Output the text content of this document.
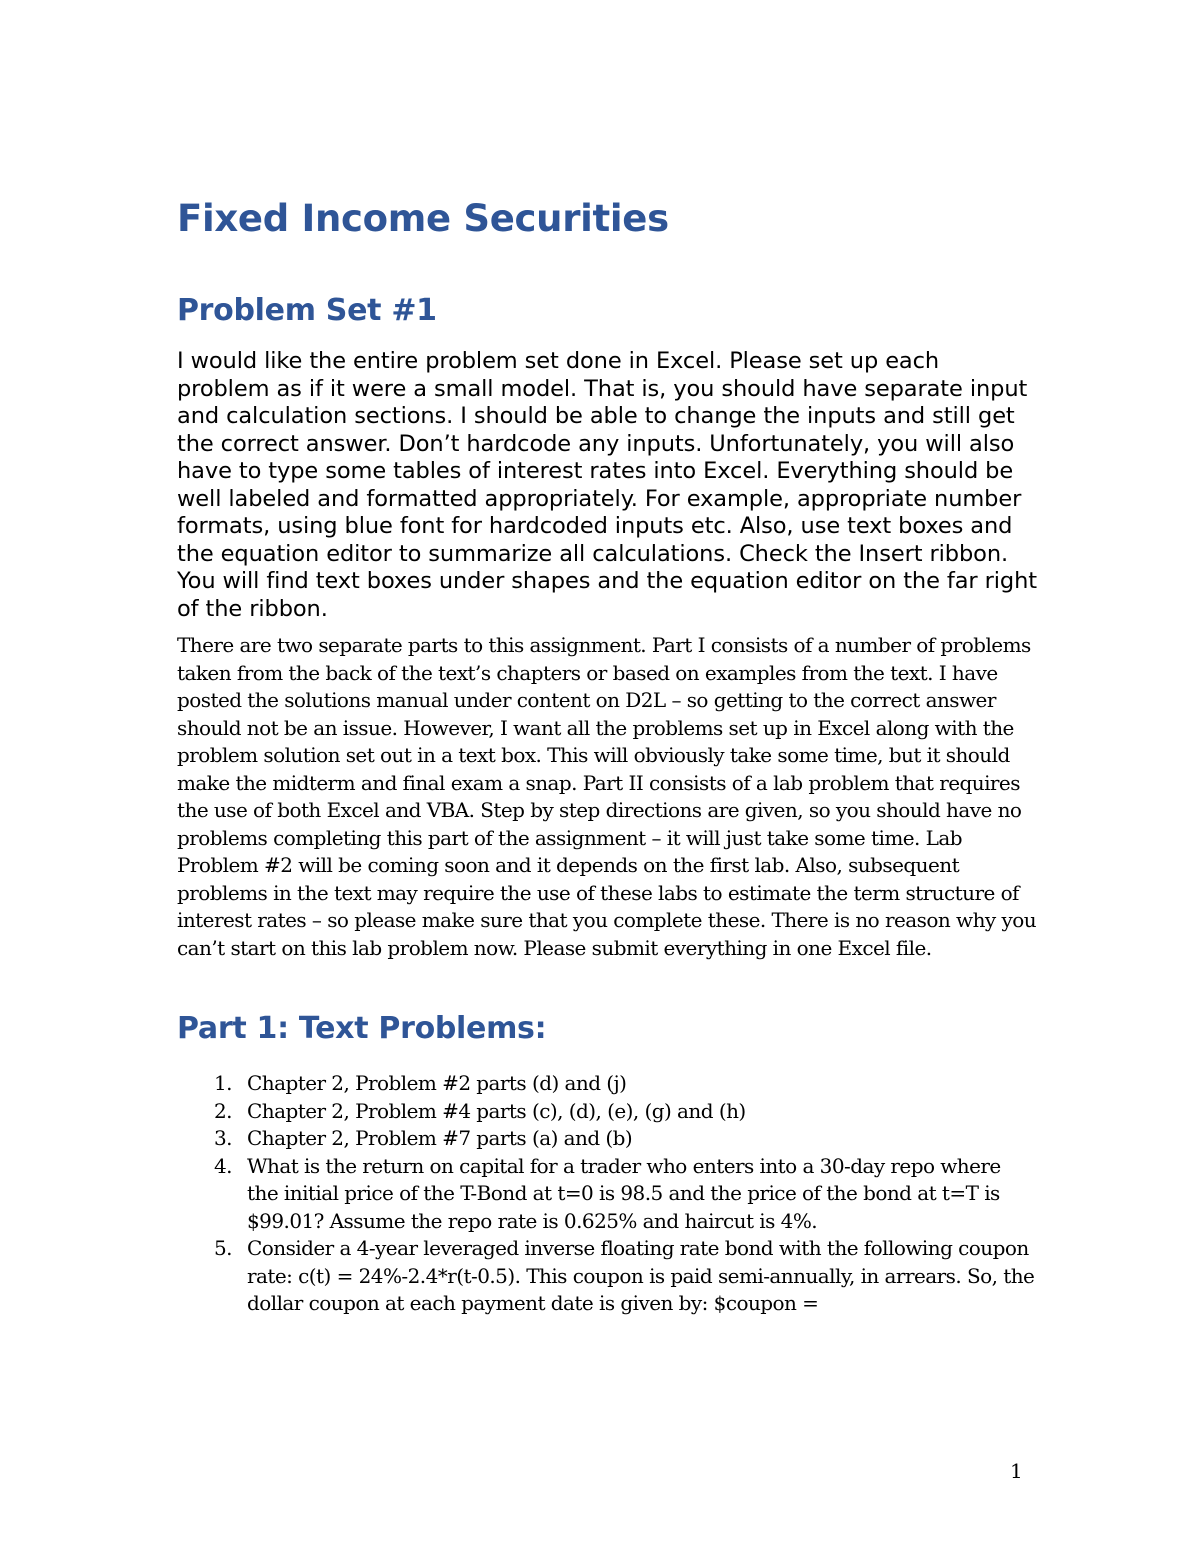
Fixed Income Securities
Problem Set #1

I would like the entire problem set done in Excel. Please set up each problem as if it were a small model. That is, you should have separate input and calculation sections. I should be able to change the inputs and still get the correct answer. Don’t hardcode any inputs. Unfortunately, you will also have to type some tables of interest rates into Excel. Everything should be well labeled and formatted appropriately. For example, appropriate number formats, using blue font for hardcoded inputs etc. Also, use text boxes and the equation editor to summarize all calculations. Check the Insert ribbon. You will find text boxes under shapes and the equation editor on the far right of the ribbon.

There are two separate parts to this assignment. Part I consists of a number of problems taken from the back of the text’s chapters or based on examples from the text. I have posted the solutions manual under content on D2L – so getting to the correct answer should not be an issue. However, I want all the problems set up in Excel along with the problem solution set out in a text box. This will obviously take some time, but it should make the midterm and final exam a snap. Part II consists of a lab problem that requires the use of both Excel and VBA. Step by step directions are given, so you should have no problems completing this part of the assignment – it will just take some time. Lab Problem #2 will be coming soon and it depends on the first lab. Also, subsequent problems in the text may require the use of these labs to estimate the term structure of interest rates – so please make sure that you complete these. There is no reason why you can’t start on this lab problem now. Please submit everything in one Excel file.

Part 1: Text Problems:
1. Chapter 2, Problem #2 parts (d) and (j)
2. Chapter 2, Problem #4 parts (c), (d), (e), (g) and (h)
3. Chapter 2, Problem #7 parts (a) and (b)
4. What is the return on capital for a trader who enters into a 30-day repo where the initial price of the T-Bond at t=0 is 98.5 and the price of the bond at t=T is $99.01? Assume the repo rate is 0.625% and haircut is 4%.
5. Consider a 4-year leveraged inverse floating rate bond with the following coupon rate: c(t) = 24%-2.4*r(t-0.5). This coupon is paid semi-annually, in arrears. So, the dollar coupon at each payment date is given by: $coupon =
1
